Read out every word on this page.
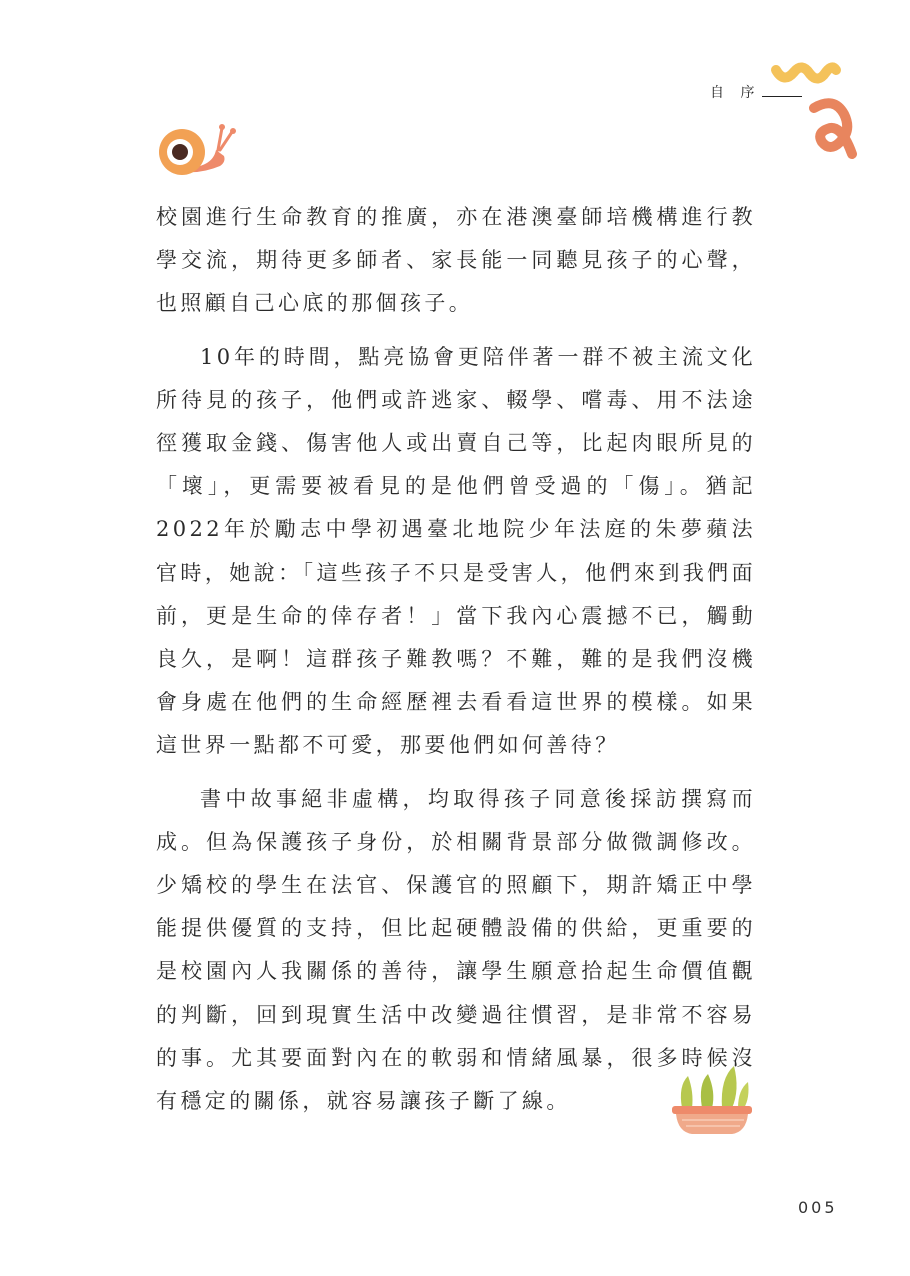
自 序

校園進行生命教育的推廣，亦在港澳臺師培機構進行教學交流，期待更多師者、家長能一同聽見孩子的心聲，也照顧自己心底的那個孩子。

10年的時間，點亮協會更陪伴著一群不被主流文化所待見的孩子，他們或許逃家、輟學、嚐毒、用不法途徑獲取金錢、傷害他人或出賣自己等，比起肉眼所見的「壞」，更需要被看見的是他們曾受過的「傷」。猶記2022年於勵志中學初遇臺北地院少年法庭的朱夢蘋法官時，她說：「這些孩子不只是受害人，他們來到我們面前，更是生命的倖存者！」當下我內心震撼不已，觸動良久，是啊！這群孩子難教嗎？不難，難的是我們沒機會身處在他們的生命經歷裡去看看這世界的模樣。如果這世界一點都不可愛，那要他們如何善待？

書中故事絕非虛構，均取得孩子同意後採訪撰寫而成。但為保護孩子身份，於相關背景部分做微調修改。少矯校的學生在法官、保護官的照顧下，期許矯正中學能提供優質的支持，但比起硬體設備的供給，更重要的是校園內人我關係的善待，讓學生願意拾起生命價值觀的判斷，回到現實生活中改變過往慣習，是非常不容易的事。尤其要面對內在的軟弱和情緒風暴，很多時候沒有穩定的關係，就容易讓孩子斷了線。

005
